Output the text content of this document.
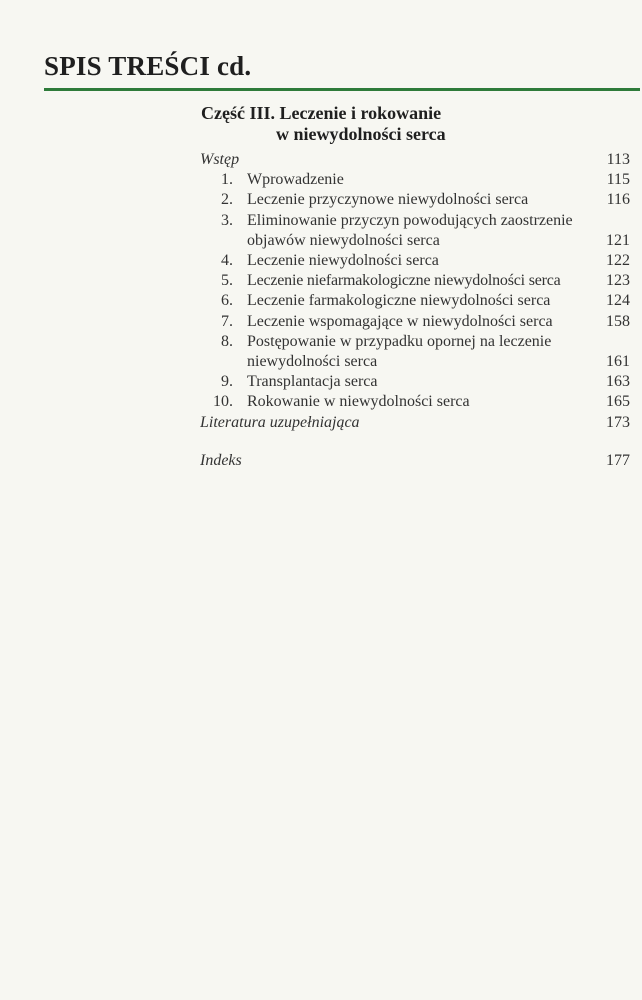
SPIS TREŚCI cd.
Część III. Leczenie i rokowanie
w niewydolności serca
Wstęp	113
1. Wprowadzenie	115
2. Leczenie przyczynowe niewydolności serca	116
3. Eliminowanie przyczyn powodujących zaostrzenie
objawów niewydolności serca	121
4. Leczenie niewydolności serca	122
5. Leczenie niefarmakologiczne niewydolności serca	123
6. Leczenie farmakologiczne niewydolności serca	124
7. Leczenie wspomagające w niewydolności serca	158
8. Postępowanie w przypadku opornej na leczenie
niewydolności serca	161
9. Transplantacja serca	163
10. Rokowanie w niewydolności serca	165
Literatura uzupełniająca	173
Indeks	177
